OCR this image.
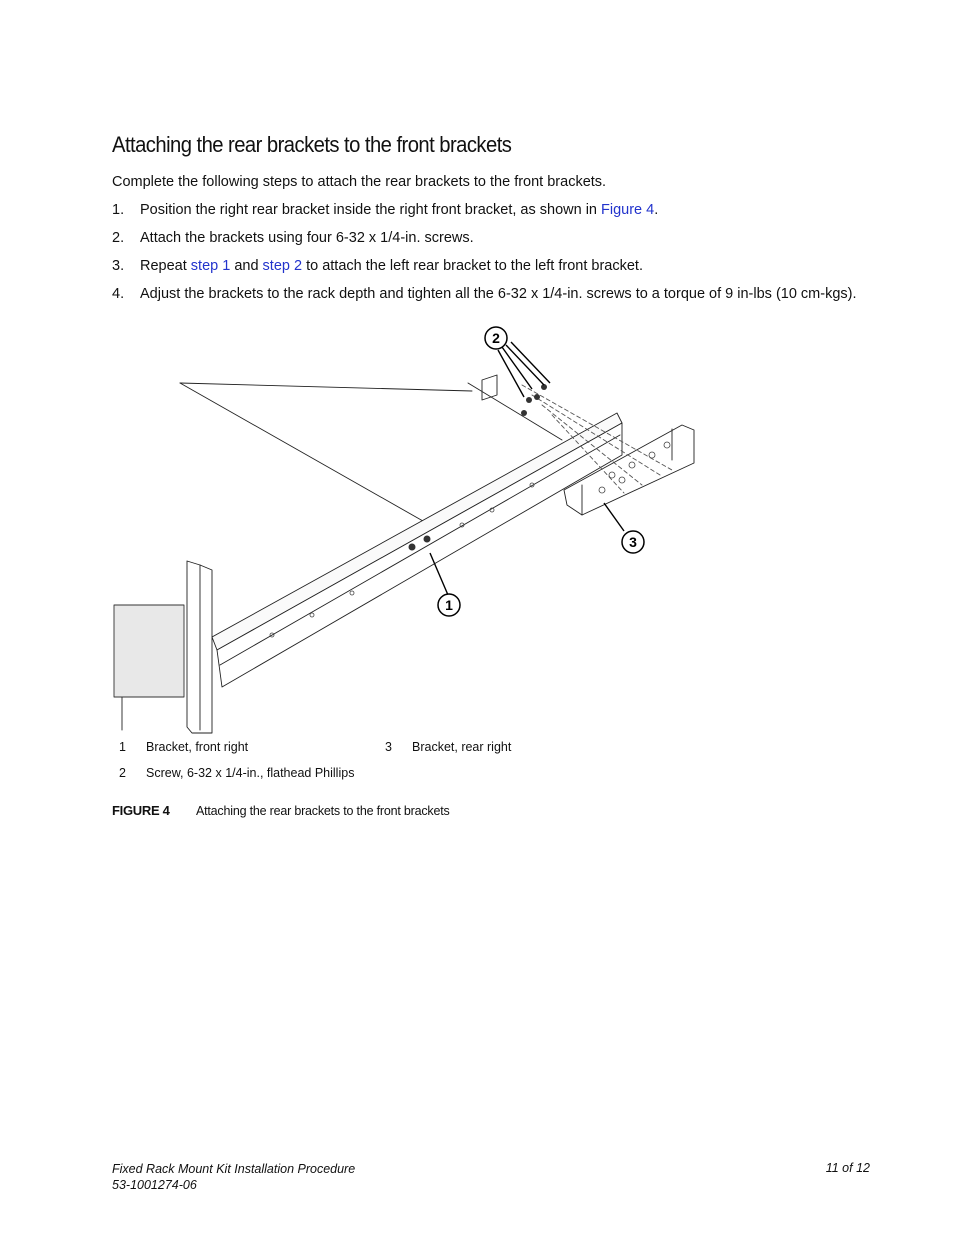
Attaching the rear brackets to the front brackets

Complete the following steps to attach the rear brackets to the front brackets.

1.	Position the right rear bracket inside the right front bracket, as shown in Figure 4.
2.	Attach the brackets using four 6-32 x 1/4-in. screws.
3.	Repeat step 1 and step 2 to attach the left rear bracket to the left front bracket.
4.	Adjust the brackets to the rack depth and tighten all the 6-32 x 1/4-in. screws to a torque of 9 in-lbs (10 cm-kgs).
2
3
1
1 Bracket, front right	3 Bracket, rear right
2 Screw, 6-32 x 1/4-in., flathead Phillips
FIGURE 4 Attaching the rear brackets to the front brackets
Fixed Rack Mount Kit Installation Procedure
53-1001274-06
11 of 12
